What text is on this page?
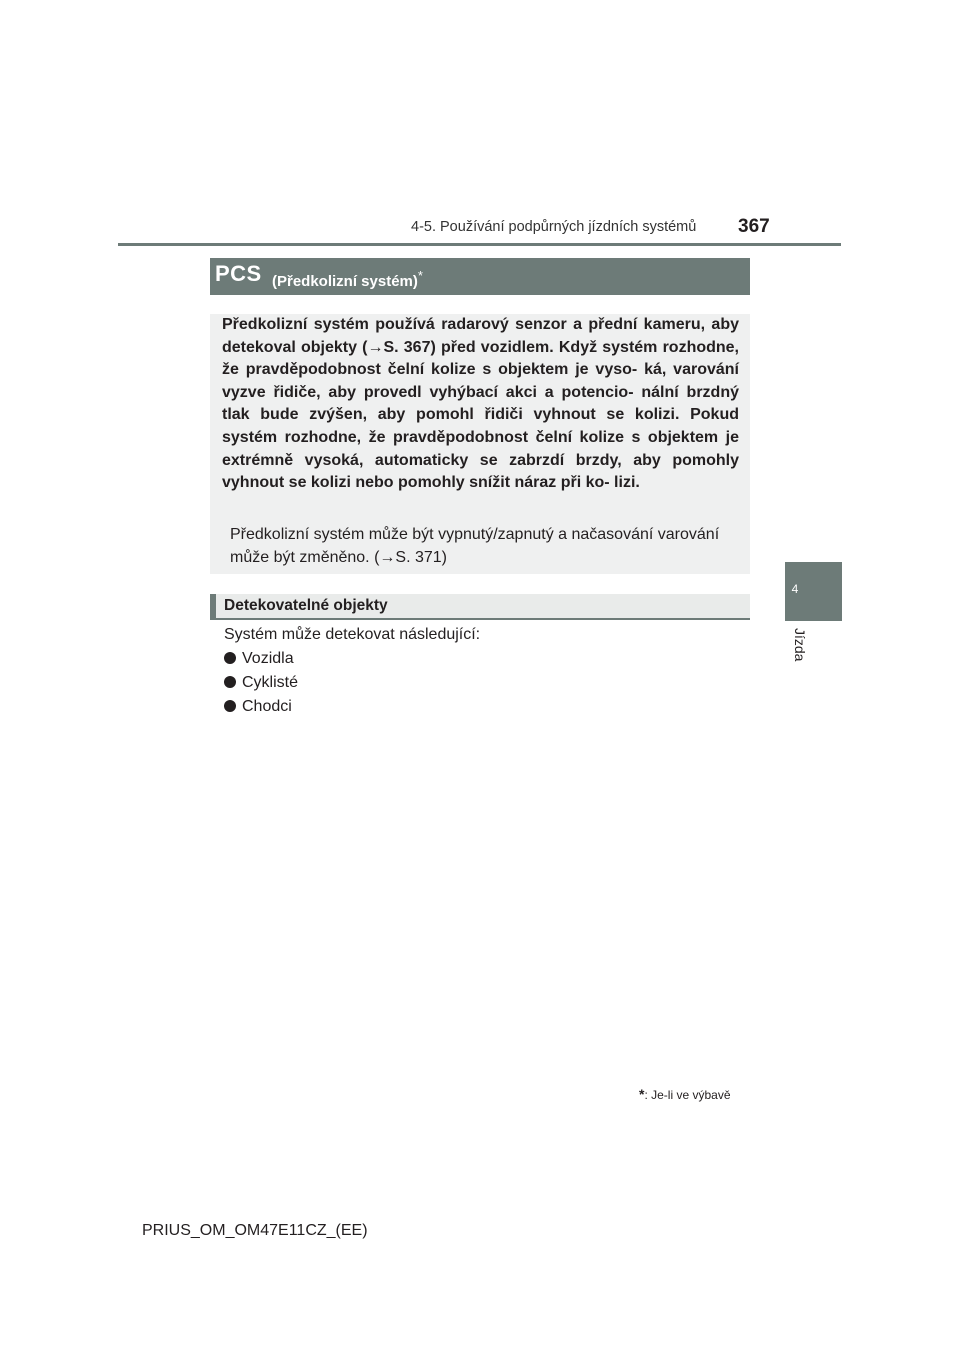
4-5. Používání podpůrných jízdních systémů 367
4
Jízda
PCS (Předkolizní systém)*
Předkolizní systém používá radarový senzor a přední kameru, aby detekoval objekty (→S. 367) před vozidlem. Když systém rozhodne, že pravděpodobnost čelní kolize s objektem je vyso- ká, varování vyzve řidiče, aby provedl vyhýbací akci a potencio- nální brzdný tlak bude zvýšen, aby pomohl řidiči vyhnout se kolizi. Pokud systém rozhodne, že pravděpodobnost čelní kolize s objektem je extrémně vysoká, automaticky se zabrzdí brzdy, aby pomohly vyhnout se kolizi nebo pomohly snížit náraz při ko- lizi.
Předkolizní systém může být vypnutý/zapnutý a načasování varování může být změněno. (→S. 371)
Detekovatelné objekty
Systém může detekovat následující:
Vozidla
Cyklisté
Chodci
*: Je-li ve výbavě
PRIUS_OM_OM47E11CZ_(EE)
